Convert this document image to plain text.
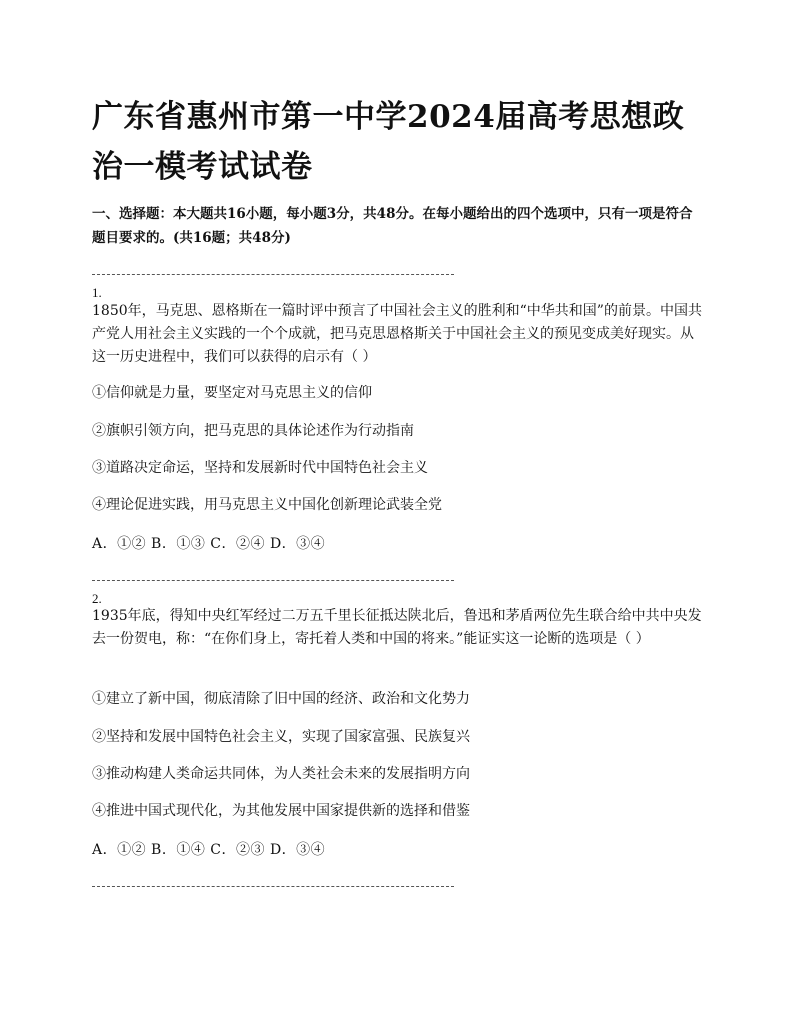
广东省惠州市第一中学2024届高考思想政治一模考试试卷
一、选择题：本大题共16小题，每小题3分，共48分。在每小题给出的四个选项中，只有一项是符合题目要求的。(共16题；共48分)
1.
1850年，马克思、恩格斯在一篇时评中预言了中国社会主义的胜利和“中华共和国”的前景。中国共产党人用社会主义实践的一个个成就，把马克思恩格斯关于中国社会主义的预见变成美好现实。从这一历史进程中，我们可以获得的启示有（ ）
①信仰就是力量，要坚定对马克思主义的信仰
②旗帜引领方向，把马克思的具体论述作为行动指南
③道路决定命运，坚持和发展新时代中国特色社会主义
④理论促进实践，用马克思主义中国化创新理论武装全党
A．①② B．①③ C．②④ D．③④
2.
1935年底，得知中央红军经过二万五千里长征抵达陕北后，鲁迅和茅盾两位先生联合给中共中央发去一份贺电，称：“在你们身上，寄托着人类和中国的将来。”能证实这一论断的选项是（ ）
①建立了新中国，彻底清除了旧中国的经济、政治和文化势力
②坚持和发展中国特色社会主义，实现了国家富强、民族复兴
③推动构建人类命运共同体，为人类社会未来的发展指明方向
④推进中国式现代化，为其他发展中国家提供新的选择和借鉴
A．①② B．①④ C．②③ D．③④
